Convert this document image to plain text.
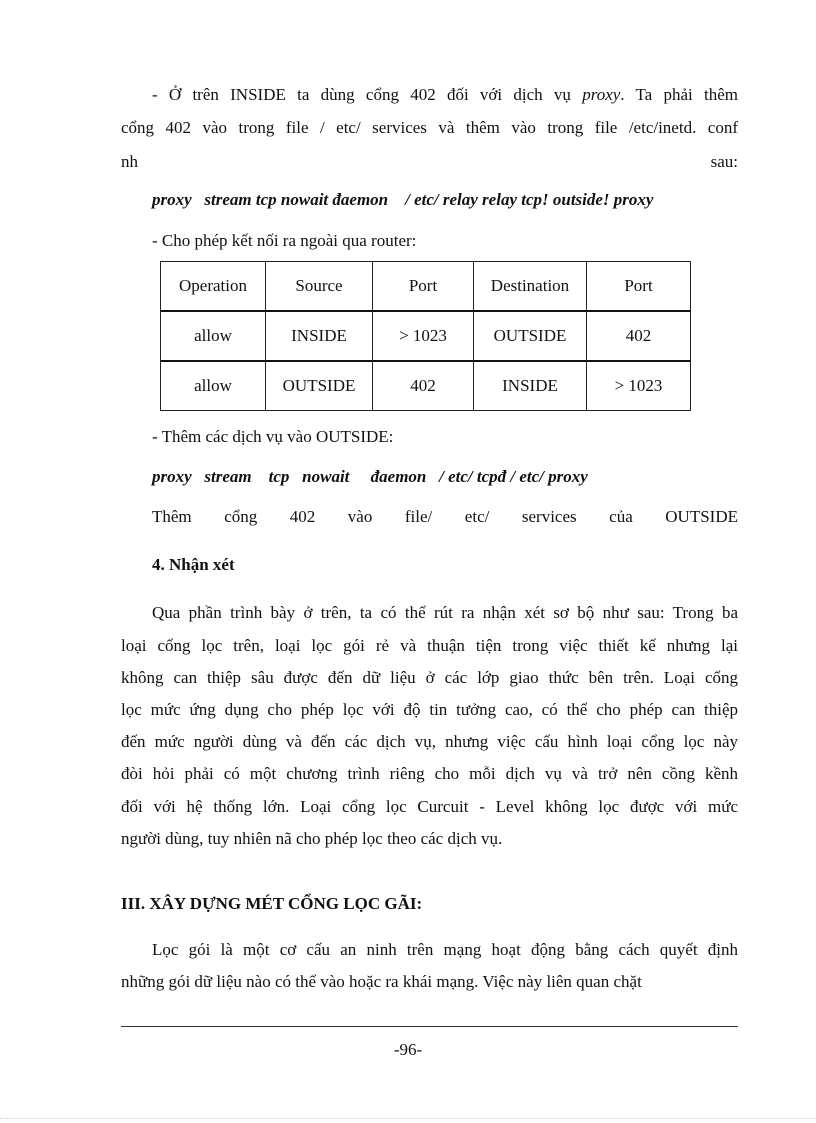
- Ở trên INSIDE ta dùng cổng 402 đối với dịch vụ proxy. Ta phải thêm
cổng 402 vào trong file / etc/ services và thêm vào trong file /etc/inetd. conf
nh	sau:
proxy   stream tcp nowait đaemon    / etc/ relay relay tcp! outside! proxy
- Cho phép kết nối ra ngoài qua router:
Operation	Source	Port	Destination	Port
allow	INSIDE	> 1023	OUTSIDE	402
allow	OUTSIDE	402	INSIDE	> 1023
- Thêm các dịch vụ vào OUTSIDE:
proxy   stream    tcp   nowait     đaemon   / etc/ tcpđ / etc/ proxy
Thêm cổng 402 vào file/ etc/ services của OUTSIDE
4. Nhận xét
Qua phần trình bày ở trên, ta có thể rút ra nhận xét sơ bộ như sau: Trong ba
loại cổng lọc trên, loại lọc gói rẻ và thuận tiện trong việc thiết kế nhưng lại
không can thiệp sâu được đến dữ liệu ở các lớp giao thức bên trên. Loại cổng
lọc mức ứng dụng cho phép lọc với độ tin tưởng cao, có thể cho phép can thiệp
đến mức người dùng và đến các dịch vụ, nhưng việc cấu hình loại cổng lọc này
đòi hỏi phải có một chương trình riêng cho mỗi dịch vụ và trở nên cồng kềnh
đối với hệ thống lớn. Loại cổng lọc Curcuit - Level không lọc được với mức
người dùng, tuy nhiên nã cho phép lọc theo các dịch vụ.
III. XÂY DỰNG MÉT CỔNG LỌC GÃI:
Lọc gói là một cơ cấu an ninh trên mạng hoạt động bằng cách quyết định
những gói dữ liệu nào có thể vào hoặc ra khái mạng. Việc này liên quan chặt
-96-
